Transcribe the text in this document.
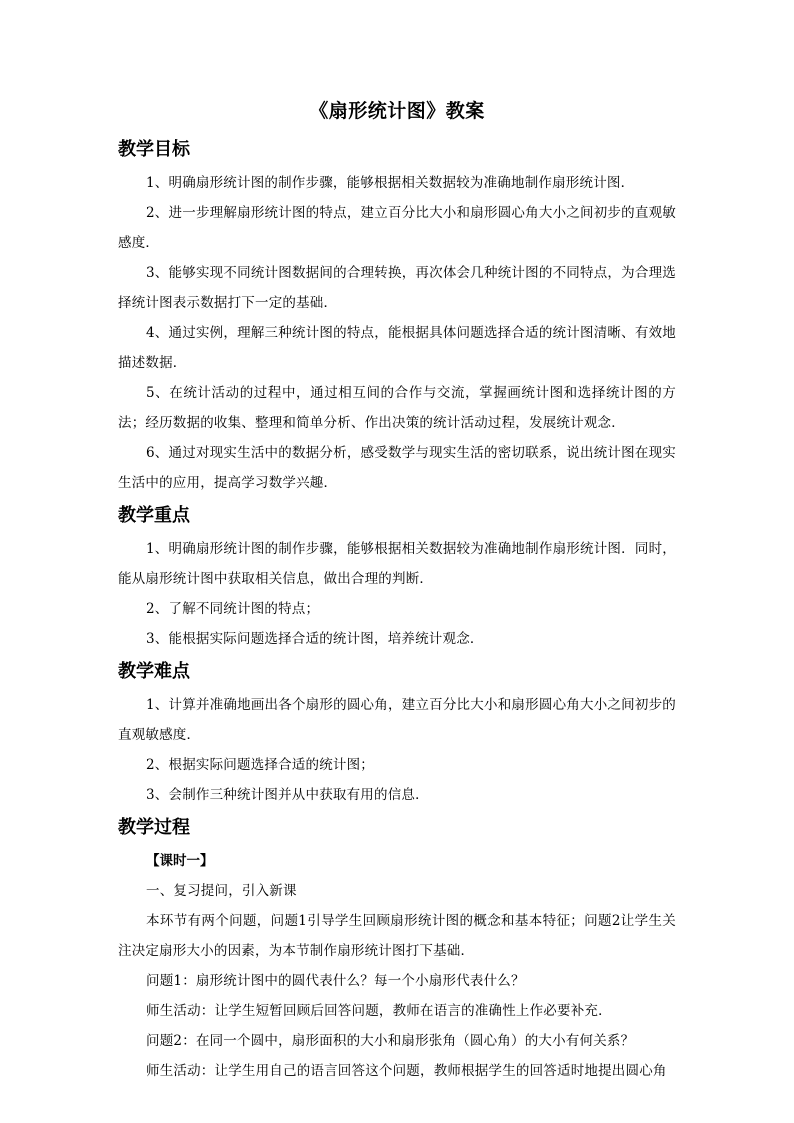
《扇形统计图》教案
教学目标

1、明确扇形统计图的制作步骤，能够根据相关数据较为准确地制作扇形统计图．

2、进一步理解扇形统计图的特点，建立百分比大小和扇形圆心角大小之间初步的直观敏感度．

3、能够实现不同统计图数据间的合理转换，再次体会几种统计图的不同特点，为合理选择统计图表示数据打下一定的基础．

4、通过实例，理解三种统计图的特点，能根据具体问题选择合适的统计图清晰、有效地描述数据．

5、在统计活动的过程中，通过相互间的合作与交流，掌握画统计图和选择统计图的方法；经历数据的收集、整理和简单分析、作出决策的统计活动过程，发展统计观念．

6、通过对现实生活中的数据分析，感受数学与现实生活的密切联系，说出统计图在现实生活中的应用，提高学习数学兴趣．

教学重点

1、明确扇形统计图的制作步骤，能够根据相关数据较为准确地制作扇形统计图．同时，能从扇形统计图中获取相关信息，做出合理的判断．

2、了解不同统计图的特点；

3、能根据实际问题选择合适的统计图，培养统计观念．

教学难点

1、计算并准确地画出各个扇形的圆心角，建立百分比大小和扇形圆心角大小之间初步的直观敏感度．

2、根据实际问题选择合适的统计图；

3、会制作三种统计图并从中获取有用的信息．

教学过程

【课时一】

一、复习提问，引入新课

本环节有两个问题，问题1引导学生回顾扇形统计图的概念和基本特征；问题2让学生关注决定扇形大小的因素，为本节制作扇形统计图打下基础．

问题1：扇形统计图中的圆代表什么？每一个小扇形代表什么？

师生活动：让学生短暂回顾后回答问题，教师在语言的准确性上作必要补充．

问题2：在同一个圆中，扇形面积的大小和扇形张角（圆心角）的大小有何关系？

师生活动：让学生用自己的语言回答这个问题，教师根据学生的回答适时地提出圆心角
